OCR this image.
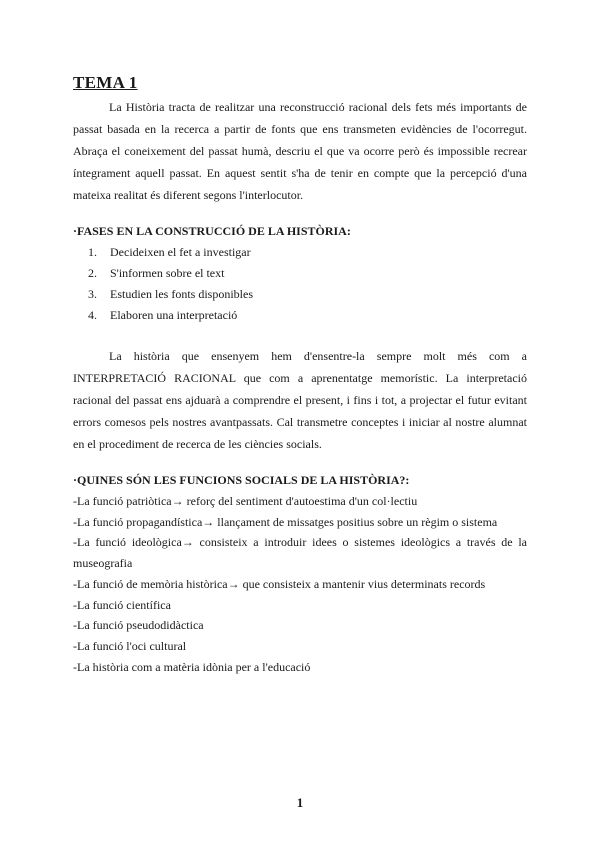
TEMA 1

La Història tracta de realitzar una reconstrucció racional dels fets més importants de passat basada en la recerca a partir de fonts que ens transmeten evidències de l'ocorregut. Abraça el coneixement del passat humà, descriu el que va ocorre però és impossible recrear íntegrament aquell passat. En aquest sentit s'ha de tenir en compte que la percepció d'una mateixa realitat és diferent segons l'interlocutor.

·FASES EN LA CONSTRUCCIÓ DE LA HISTÒRIA:
1.	Decideixen el fet a investigar
2.	S'informen sobre el text
3.	Estudien les fonts disponibles
4.	Elaboren una interpretació

La història que ensenyem hem d'ensentre-la sempre molt més com a INTERPRETACIÓ RACIONAL que com a aprenentatge memorístic. La interpretació racional del passat ens ajduarà a comprendre el present, i fins i tot, a projectar el futur evitant errors comesos pels nostres avantpassats. Cal transmetre conceptes i iniciar al nostre alumnat en el procediment de recerca de les ciències socials.

·QUINES SÓN LES FUNCIONS SOCIALS DE LA HISTÒRIA?:
-La funció patriòtica→ reforç del sentiment d'autoestima d'un col·lectiu
-La funció propagandística→ llançament de missatges positius sobre un règim o sistema
-La funció ideològica→ consisteix a introduir idees o sistemes ideològics a través de la museografia
-La funció de memòria històrica→ que consisteix a mantenir vius determinats records
-La funció científica
-La funció pseudodidàctica
-La funció l'oci cultural
-La història com a matèria idònia per a l'educació
1
